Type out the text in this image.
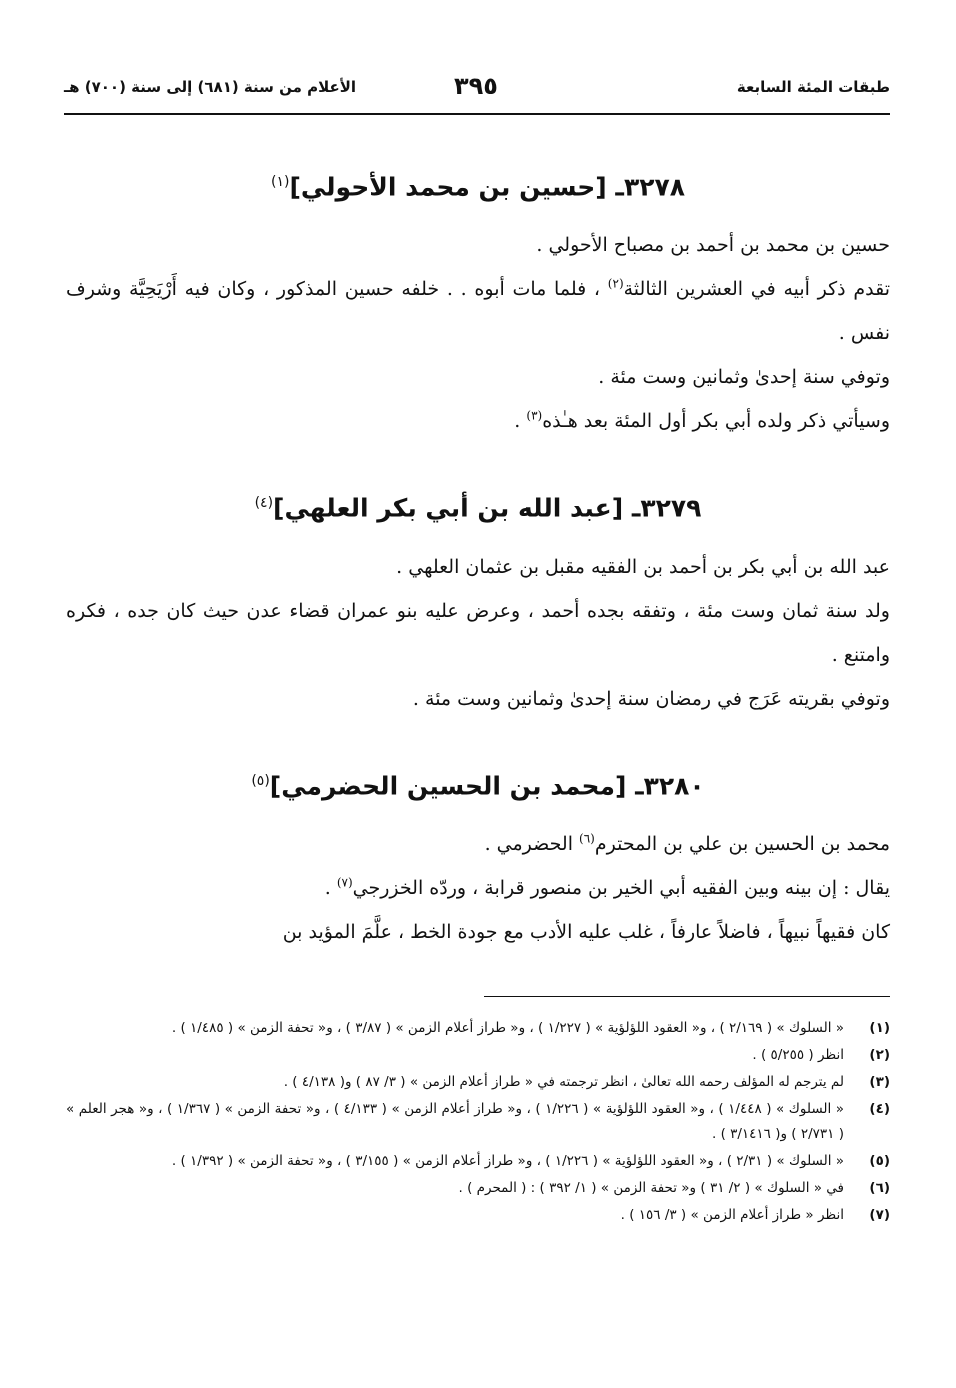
طبقات المئة السابعة
٣٩٥
الأعلام من سنة (٦٨١) إلى سنة (٧٠٠) هـ
٣٢٧٨ـ [حسين بن محمد الأحولي]$^{(١)}$

حسين بن محمد بن أحمد بن مصباح الأحولي .

تقدم ذكر أبيه في العشرين الثالثة$^{(٢)}$ ، فلما مات أبوه . . خلفه حسين المذكور ، وكان فيه أَرْيَحِيَّة وشرف نفس .

وتوفي سنة إحدىٰ وثمانين وست مئة .

وسيأتي ذكر ولده أبي بكر أول المئة بعد هـٰذه$^{(٣)}$ .

٣٢٧٩ـ [عبد الله بن أبي بكر العلهي]$^{(٤)}$

عبد الله بن أبي بكر بن أحمد بن الفقيه مقبل بن عثمان العلهي .

ولد سنة ثمان وست مئة ، وتفقه بجده أحمد ، وعرض عليه بنو عمران قضاء عدن حيث كان جده ، فكره وامتنع .

وتوفي بقريته عَرَج في رمضان سنة إحدىٰ وثمانين وست مئة .

٣٢٨٠ـ [محمد بن الحسين الحضرمي]$^{(٥)}$

محمد بن الحسين بن علي بن المحترم$^{(٦)}$ الحضرمي .

يقال : إن بينه وبين الفقيه أبي الخير بن منصور قرابة ، وردّه الخزرجي$^{(٧)}$ .

كان فقيهاً نبيهاً ، فاضلاً عارفاً ، غلب عليه الأدب مع جودة الخط ، علَّمَ المؤيد بن

(١)
« السلوك » ( ٢/١٦٩ ) ، و« العقود اللؤلؤية » ( ١/٢٢٧ ) ، و« طراز أعلام الزمن » ( ٣/٨٧ ) ، و« تحفة الزمن » ( ١/٤٨٥ ) .
(٢)
انظر ( ٥/٢٥٥ ) .
(٣)
لم يترجم له المؤلف رحمه الله تعالىٰ ، انظر ترجمته في « طراز أعلام الزمن » ( ٣/ ٨٧ ) و( ٤/١٣٨ ) .
(٤)
« السلوك » ( ١/٤٤٨ ) ، و« العقود اللؤلؤية » ( ١/٢٢٦ ) ، و« طراز أعلام الزمن » ( ٤/١٣٣ ) ، و« تحفة الزمن » ( ١/٣٦٧ ) ، و« هجر العلم » ( ٢/٧٣١ ) و( ٣/١٤١٦ ) .
(٥)
« السلوك » ( ٢/٣١ ) ، و« العقود اللؤلؤية » ( ١/٢٢٦ ) ، و« طراز أعلام الزمن » ( ٣/١٥٥ ) ، و« تحفة الزمن » ( ١/٣٩٢ ) .
(٦)
في « السلوك » ( ٢/ ٣١ ) و« تحفة الزمن » ( ١/ ٣٩٢ ) : ( المحرم ) .
(٧)
انظر « طراز أعلام الزمن » ( ٣/ ١٥٦ ) .
